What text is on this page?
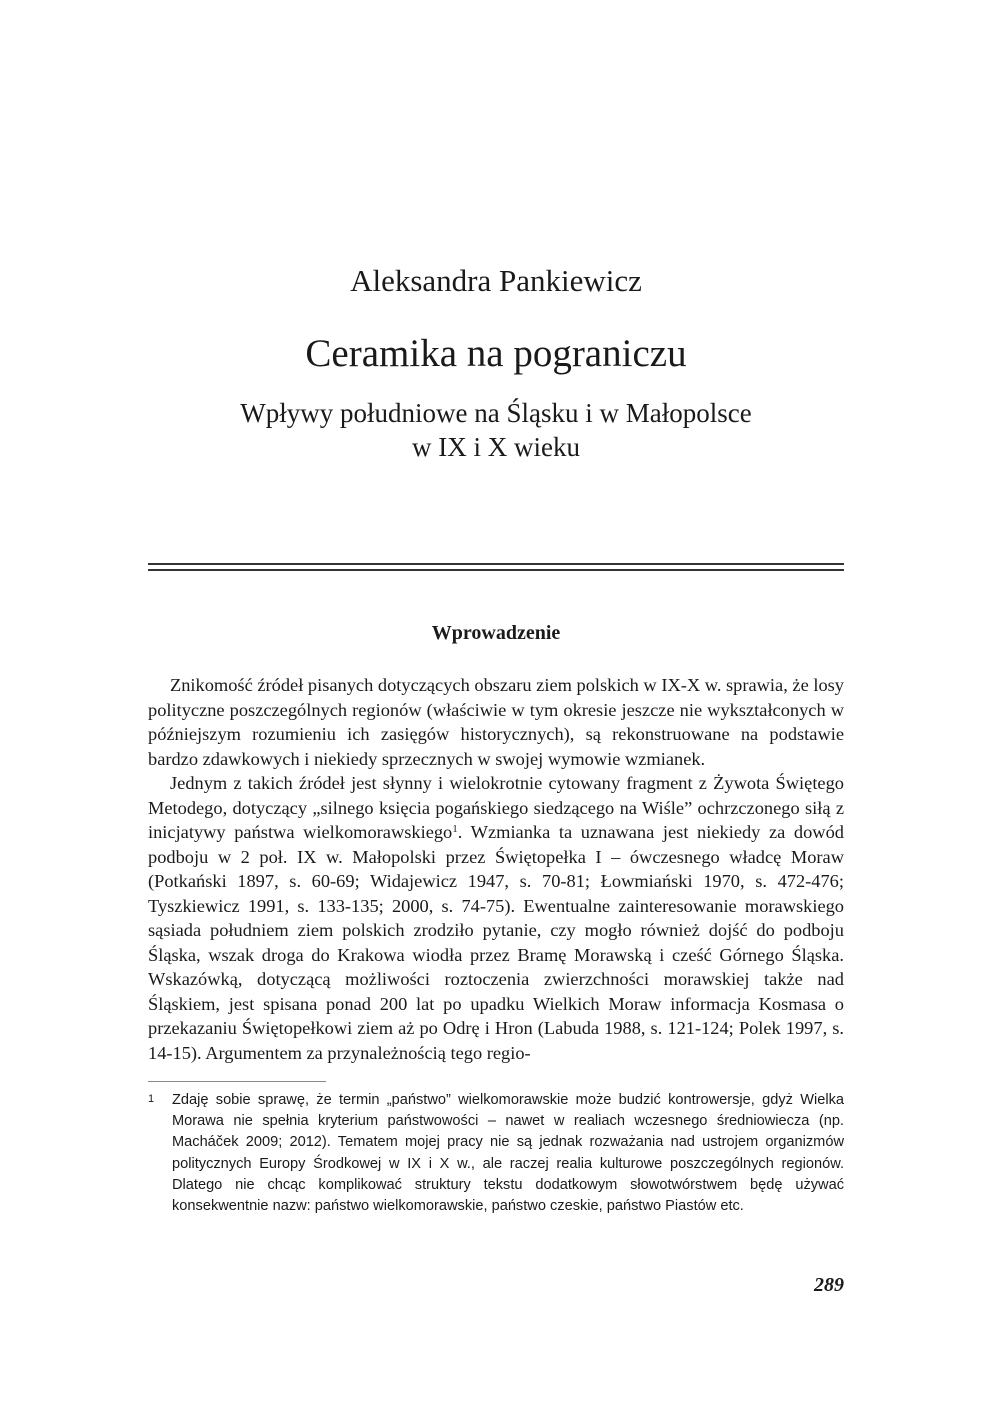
Aleksandra Pankiewicz
Ceramika na pograniczu
Wpływy południowe na Śląsku i w Małopolsce
w IX i X wieku
Wprowadzenie

Znikomość źródeł pisanych dotyczących obszaru ziem polskich w IX-X w. sprawia, że losy polityczne poszczególnych regionów (właściwie w tym okresie jeszcze nie wykształconych w późniejszym rozumieniu ich zasięgów historycznych), są rekonstruowane na podstawie bardzo zdawkowych i niekiedy sprzecznych w swojej wymowie wzmianek.

Jednym z takich źródeł jest słynny i wielokrotnie cytowany fragment z Żywota Świętego Metodego, dotyczący „silnego księcia pogańskiego siedzącego na Wiśle” ochrzczonego siłą z inicjatywy państwa wielkomorawskiego$^1$. Wzmianka ta uznawana jest niekiedy za dowód podboju w 2 poł. IX w. Małopolski przez Świętopełka I – ówczesnego władcę Moraw (Potkański 1897, s. 60-69; Widajewicz 1947, s. 70-81; Łowmiański 1970, s. 472-476; Tyszkiewicz 1991, s. 133-135; 2000, s. 74-75). Ewentualne zainteresowanie morawskiego sąsiada południem ziem polskich zrodziło pytanie, czy mogło również dojść do podboju Śląska, wszak droga do Krakowa wiodła przez Bramę Morawską i cześć Górnego Śląska. Wskazówką, dotyczącą możliwości roztoczenia zwierzchności morawskiej także nad Śląskiem, jest spisana ponad 200 lat po upadku Wielkich Moraw informacja Kosmasa o przekazaniu Świętopełkowi ziem aż po Odrę i Hron (Labuda 1988, s. 121-124; Polek 1997, s. 14-15). Argumentem za przynależnością tego regio-

1 Zdaję sobie sprawę, że termin „państwo” wielkomorawskie może budzić kontrowersje, gdyż Wielka Morawa nie spełnia kryterium państwowości – nawet w realiach wczesnego średniowiecza (np. Macháček 2009; 2012). Tematem mojej pracy nie są jednak rozważania nad ustrojem organizmów politycznych Europy Środkowej w IX i X w., ale raczej realia kulturowe poszczególnych regionów. Dlatego nie chcąc komplikować struktury tekstu dodatkowym słowotwórstwem będę używać konsekwentnie nazw: państwo wielkomorawskie, państwo czeskie, państwo Piastów etc.
289
